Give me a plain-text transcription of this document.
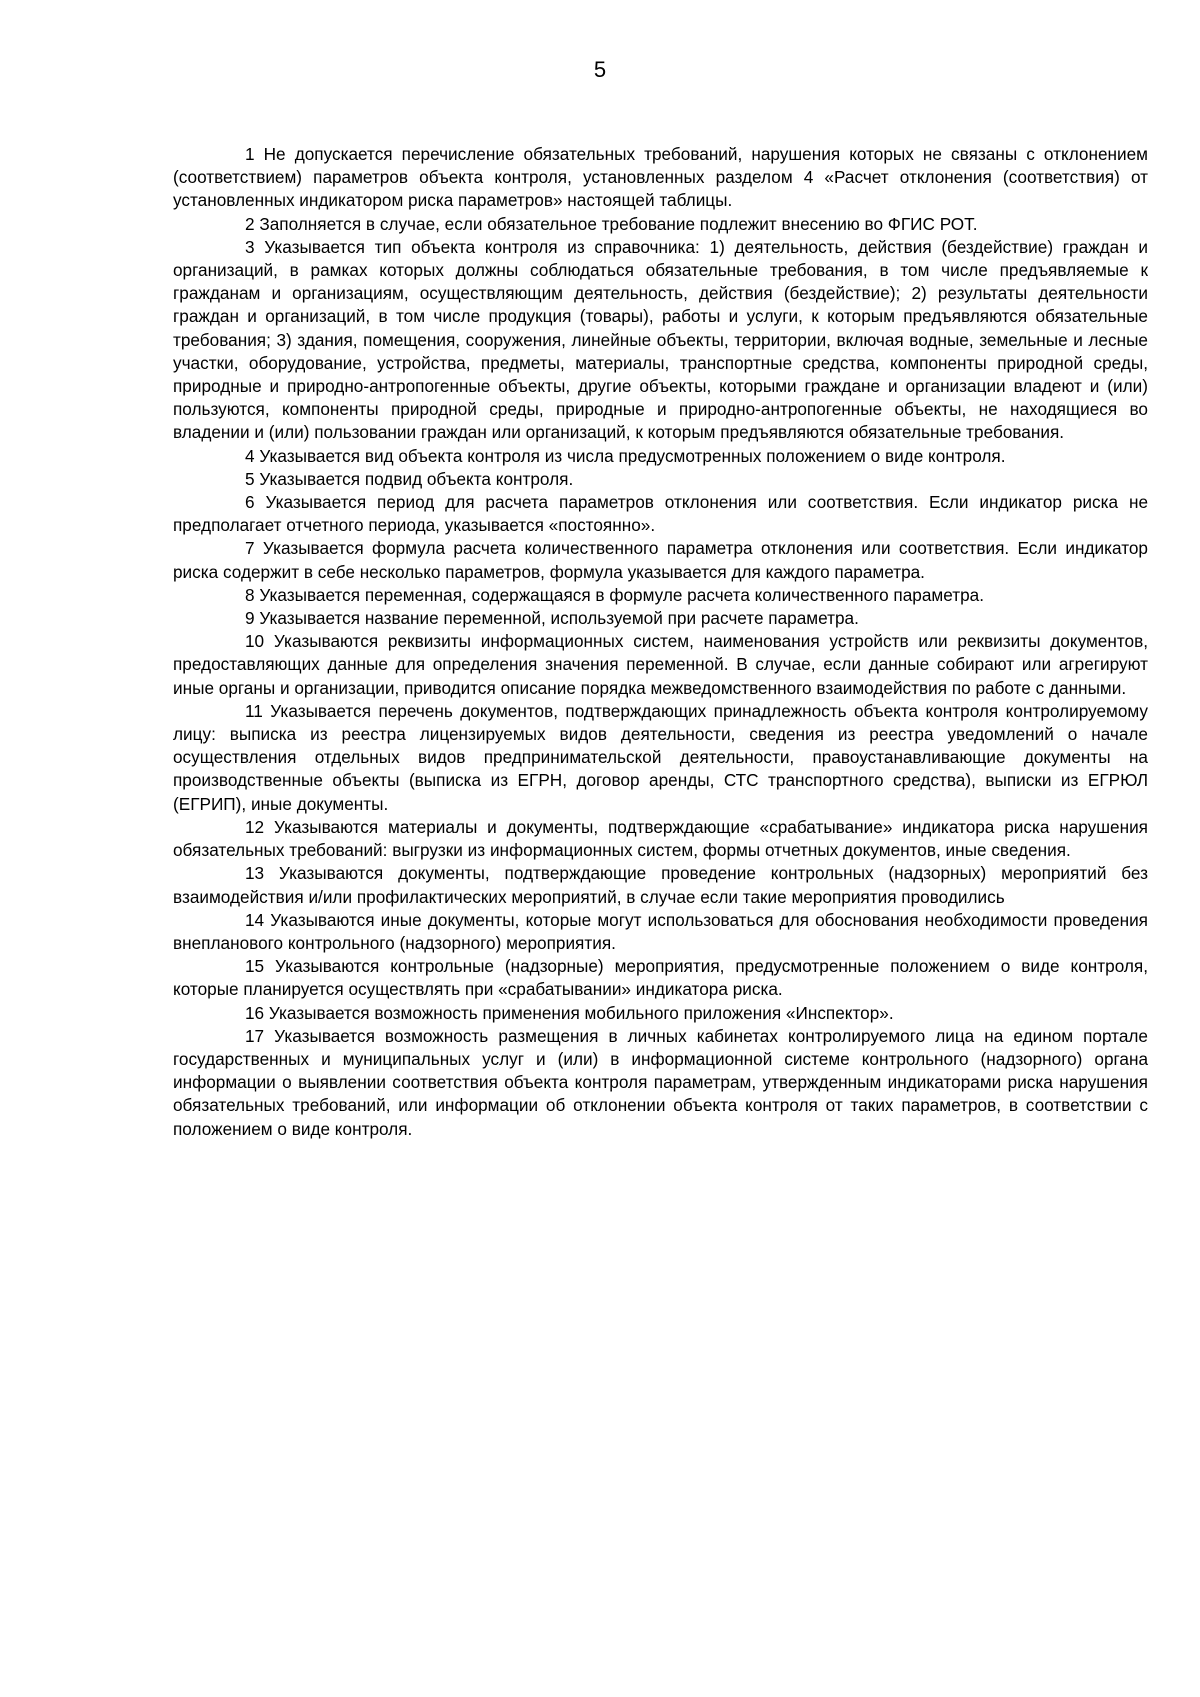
5

1 Не допускается перечисление обязательных требований, нарушения которых не связаны с отклонением (соответствием) параметров объекта контроля, установленных разделом 4 «Расчет отклонения (соответствия) от установленных индикатором риска параметров» настоящей таблицы.

2 Заполняется в случае, если обязательное требование подлежит внесению во ФГИС РОТ.

3 Указывается тип объекта контроля из справочника: 1) деятельность, действия (бездействие) граждан и организаций, в рамках которых должны соблюдаться обязательные требования, в том числе предъявляемые к гражданам и организациям, осуществляющим деятельность, действия (бездействие); 2) результаты деятельности граждан и организаций, в том числе продукция (товары), работы и услуги, к которым предъявляются обязательные требования; 3) здания, помещения, сооружения, линейные объекты, территории, включая водные, земельные и лесные участки, оборудование, устройства, предметы, материалы, транспортные средства, компоненты природной среды, природные и природно-антропогенные объекты, другие объекты, которыми граждане и организации владеют и (или) пользуются, компоненты природной среды, природные и природно-антропогенные объекты, не находящиеся во владении и (или) пользовании граждан или организаций, к которым предъявляются обязательные требования.

4 Указывается вид объекта контроля из числа предусмотренных положением о виде контроля.

5 Указывается подвид объекта контроля.

6 Указывается период для расчета параметров отклонения или соответствия. Если индикатор риска не предполагает отчетного периода, указывается «постоянно».

7 Указывается формула расчета количественного параметра отклонения или соответствия. Если индикатор риска содержит в себе несколько параметров, формула указывается для каждого параметра.

8 Указывается переменная, содержащаяся в формуле расчета количественного параметра.

9 Указывается название переменной, используемой при расчете параметра.

10 Указываются реквизиты информационных систем, наименования устройств или реквизиты документов, предоставляющих данные для определения значения переменной. В случае, если данные собирают или агрегируют иные органы и организации, приводится описание порядка межведомственного взаимодействия по работе с данными.

11 Указывается перечень документов, подтверждающих принадлежность объекта контроля контролируемому лицу: выписка из реестра лицензируемых видов деятельности, сведения из реестра уведомлений о начале осуществления отдельных видов предпринимательской деятельности, правоустанавливающие документы на производственные объекты (выписка из ЕГРН, договор аренды, СТС транспортного средства), выписки из ЕГРЮЛ (ЕГРИП), иные документы.

12 Указываются материалы и документы, подтверждающие «срабатывание» индикатора риска нарушения обязательных требований: выгрузки из информационных систем, формы отчетных документов, иные сведения.

13 Указываются документы, подтверждающие проведение контрольных (надзорных) мероприятий без взаимодействия и/или профилактических мероприятий, в случае если такие мероприятия проводились

14 Указываются иные документы, которые могут использоваться для обоснования необходимости проведения внепланового контрольного (надзорного) мероприятия.

15 Указываются контрольные (надзорные) мероприятия, предусмотренные положением о виде контроля, которые планируется осуществлять при «срабатывании» индикатора риска.

16 Указывается возможность применения мобильного приложения «Инспектор».

17 Указывается возможность размещения в личных кабинетах контролируемого лица на едином портале государственных и муниципальных услуг и (или) в информационной системе контрольного (надзорного) органа информации о выявлении соответствия объекта контроля параметрам, утвержденным индикаторами риска нарушения обязательных требований, или информации об отклонении объекта контроля от таких параметров, в соответствии с положением о виде контроля.
